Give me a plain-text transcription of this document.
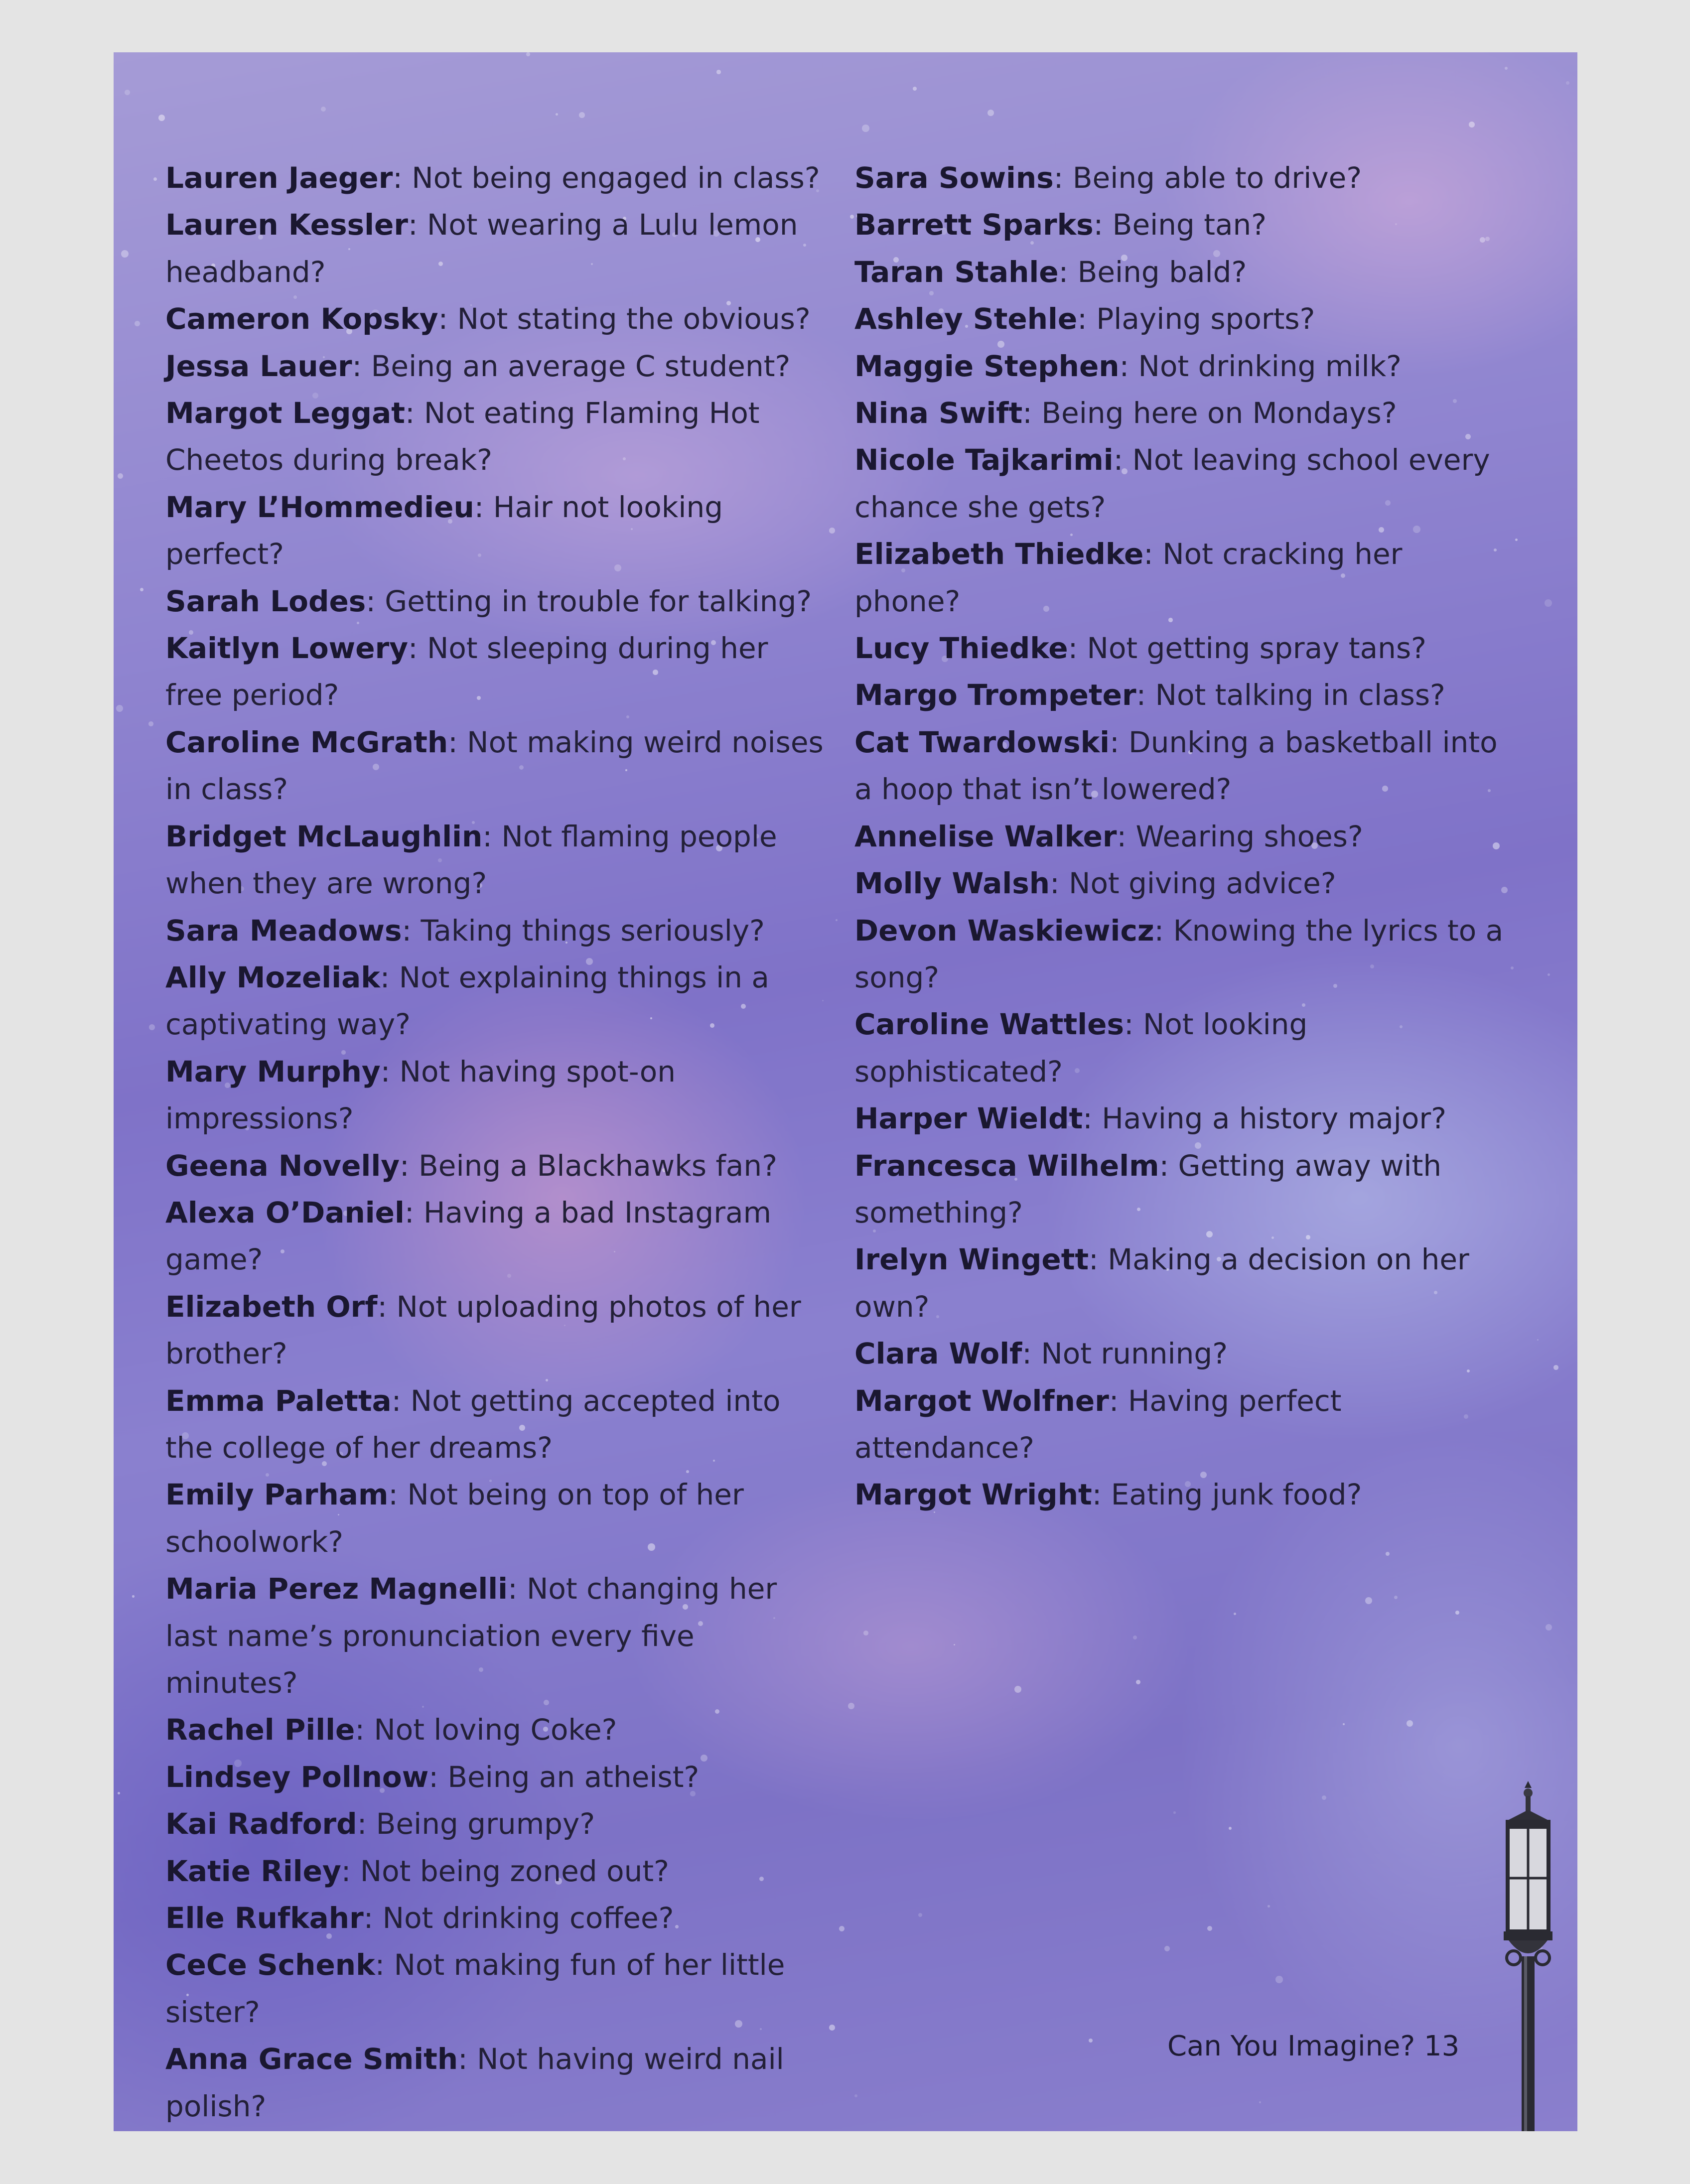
Lauren Jaeger: Not being engaged in class?

Lauren Kessler: Not wearing a Lulu lemon headband?

Cameron Kopsky: Not stating the obvious?

Jessa Lauer: Being an average C student?

Margot Leggat: Not eating Flaming Hot Cheetos during break?

Mary L’Hommedieu: Hair not looking perfect?

Sarah Lodes: Getting in trouble for talking?

Kaitlyn Lowery: Not sleeping during her free period?

Caroline McGrath: Not making weird noises in class?

Bridget McLaughlin: Not flaming people when they are wrong?

Sara Meadows: Taking things seriously?

Ally Mozeliak: Not explaining things in a captivating way?

Mary Murphy: Not having spot-on impressions?

Geena Novelly: Being a Blackhawks fan?

Alexa O’Daniel: Having a bad Instagram game?

Elizabeth Orf: Not uploading photos of her brother?

Emma Paletta: Not getting accepted into the college of her dreams?

Emily Parham: Not being on top of her schoolwork?

Maria Perez Magnelli: Not changing her last name’s pronunciation every five minutes?

Rachel Pille: Not loving Coke?

Lindsey Pollnow: Being an atheist?

Kai Radford: Being grumpy?

Katie Riley: Not being zoned out?

Elle Rufkahr: Not drinking coffee?

CeCe Schenk: Not making fun of her little sister?

Anna Grace Smith: Not having weird nail polish?

Sara Sowins: Being able to drive?

Barrett Sparks: Being tan?

Taran Stahle: Being bald?

Ashley Stehle: Playing sports?

Maggie Stephen: Not drinking milk?

Nina Swift: Being here on Mondays?

Nicole Tajkarimi: Not leaving school every chance she gets?

Elizabeth Thiedke: Not cracking her phone?

Lucy Thiedke: Not getting spray tans?

Margo Trompeter: Not talking in class?

Cat Twardowski: Dunking a basketball into a hoop that isn’t lowered?

Annelise Walker: Wearing shoes?

Molly Walsh: Not giving advice?

Devon Waskiewicz: Knowing the lyrics to a song?

Caroline Wattles: Not looking sophisticated?

Harper Wieldt: Having a history major?

Francesca Wilhelm: Getting away with something?

Irelyn Wingett: Making a decision on her own?

Clara Wolf: Not running?

Margot Wolfner: Having perfect attendance?

Margot Wright: Eating junk food?

Can You Imagine? 13
